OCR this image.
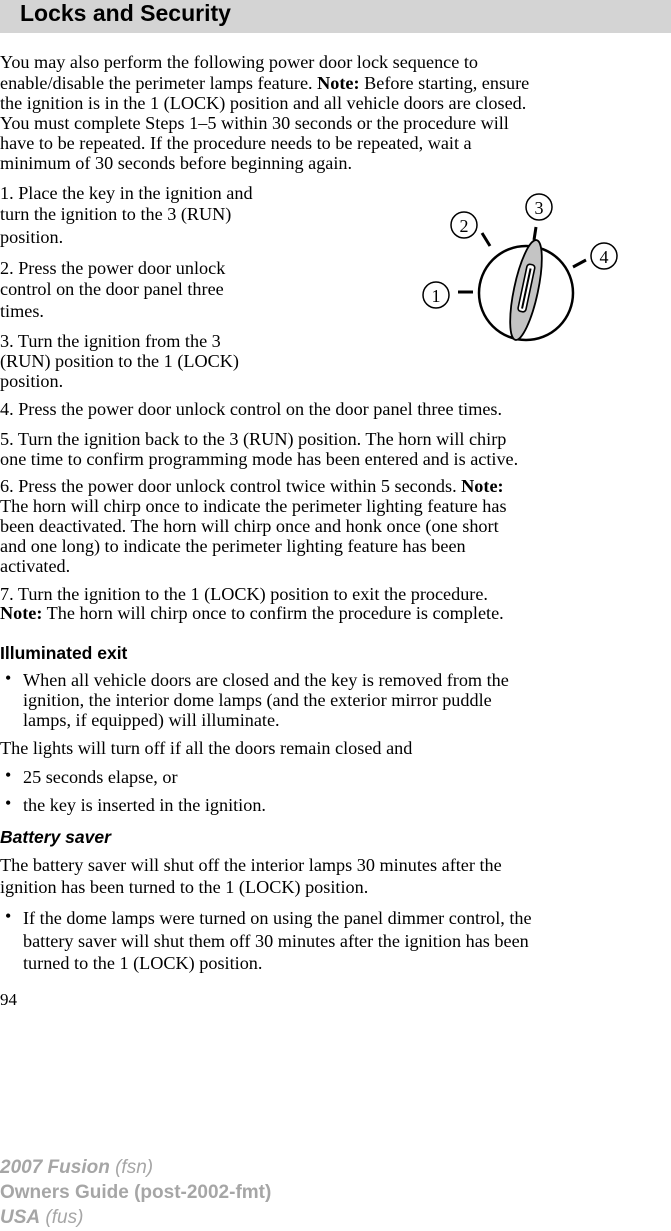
Locks and Security
You may also perform the following power door lock sequence to
enable/disable the perimeter lamps feature. Note: Before starting, ensure
the ignition is in the 1 (LOCK) position and all vehicle doors are closed.
You must complete Steps 1–5 within 30 seconds or the procedure will
have to be repeated. If the procedure needs to be repeated, wait a
minimum of 30 seconds before beginning again.
1. Place the key in the ignition and
turn the ignition to the 3 (RUN)
position.
2. Press the power door unlock
control on the door panel three
times.
3. Turn the ignition from the 3
(RUN) position to the 1 (LOCK)
position.
1
2
3
4
4. Press the power door unlock control on the door panel three times.
5. Turn the ignition back to the 3 (RUN) position. The horn will chirp
one time to confirm programming mode has been entered and is active.
6. Press the power door unlock control twice within 5 seconds. Note:
The horn will chirp once to indicate the perimeter lighting feature has
been deactivated. The horn will chirp once and honk once (one short
and one long) to indicate the perimeter lighting feature has been
activated.
7. Turn the ignition to the 1 (LOCK) position to exit the procedure.
Note: The horn will chirp once to confirm the procedure is complete.
Illuminated exit
• When all vehicle doors are closed and the key is removed from the
ignition, the interior dome lamps (and the exterior mirror puddle
lamps, if equipped) will illuminate.
The lights will turn off if all the doors remain closed and
• 25 seconds elapse, or
• the key is inserted in the ignition.
Battery saver
The battery saver will shut off the interior lamps 30 minutes after the
ignition has been turned to the 1 (LOCK) position.
• If the dome lamps were turned on using the panel dimmer control, the
battery saver will shut them off 30 minutes after the ignition has been
turned to the 1 (LOCK) position.
94
2007 Fusion (fsn)
Owners Guide (post-2002-fmt)
USA (fus)
